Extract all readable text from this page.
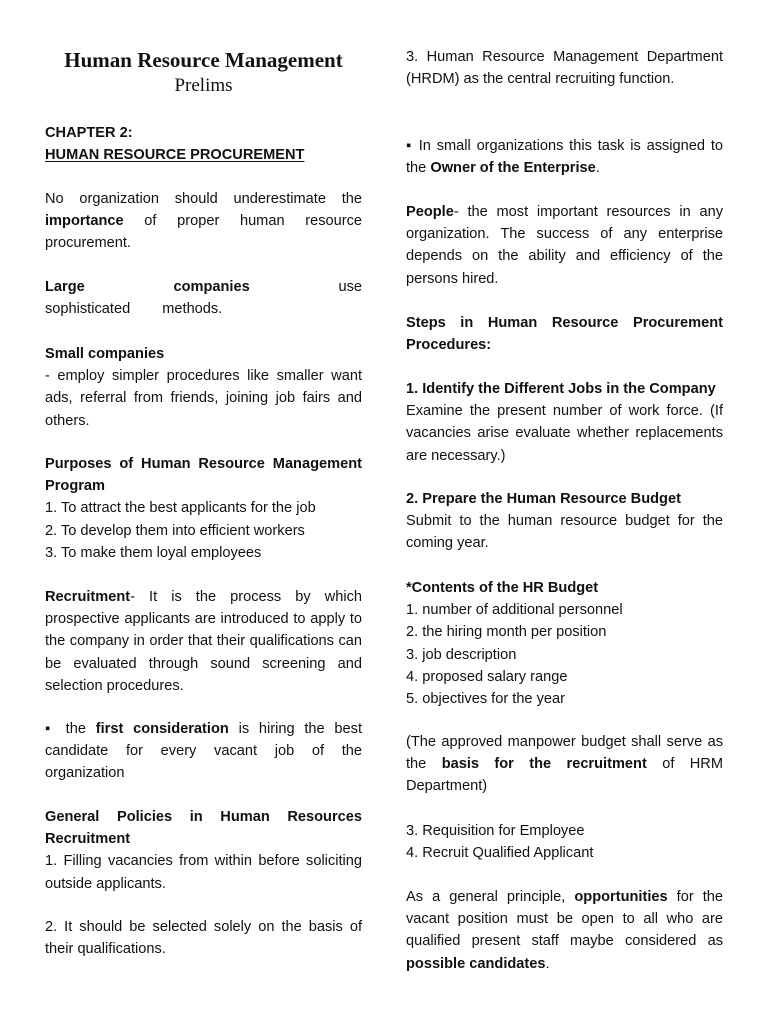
Human Resource Management
Prelims
CHAPTER 2:
HUMAN RESOURCE PROCUREMENT

No organization should underestimate the importance of proper human resource procurement.

Large companies use sophisticated methods.

Small companies
- employ simpler procedures like smaller want ads, referral from friends, joining job fairs and others.
Purposes of Human Resource Management Program
1. To attract the best applicants for the job
2. To develop them into efficient workers
3. To make them loyal employees

Recruitment- It is the process by which prospective applicants are introduced to apply to the company in order that their qualifications can be evaluated through sound screening and selection procedures.

▪ the first consideration is hiring the best candidate for every vacant job of the organization

General Policies in Human Resources Recruitment
1. Filling vacancies from within before soliciting outside applicants.

2. It should be selected solely on the basis of their qualifications.

3. Human Resource Management Department (HRDM) as the central recruiting function.

▪ In small organizations this task is assigned to the Owner of the Enterprise.

People- the most important resources in any organization. The success of any enterprise depends on the ability and efficiency of the persons hired.

Steps in Human Resource Procurement Procedures:

1. Identify the Different Jobs in the Company
Examine the present number of work force. (If vacancies arise evaluate whether replacements are necessary.)
2. Prepare the Human Resource Budget
Submit to the human resource budget for the coming year.
*Contents of the HR Budget
1. number of additional personnel
2. the hiring month per position
3. job description
4. proposed salary range
5. objectives for the year

(The approved manpower budget shall serve as the basis for the recruitment of HRM Department)

3. Requisition for Employee
4. Recruit Qualified Applicant

As a general principle, opportunities for the vacant position must be open to all who are qualified present staff maybe considered as possible candidates.
